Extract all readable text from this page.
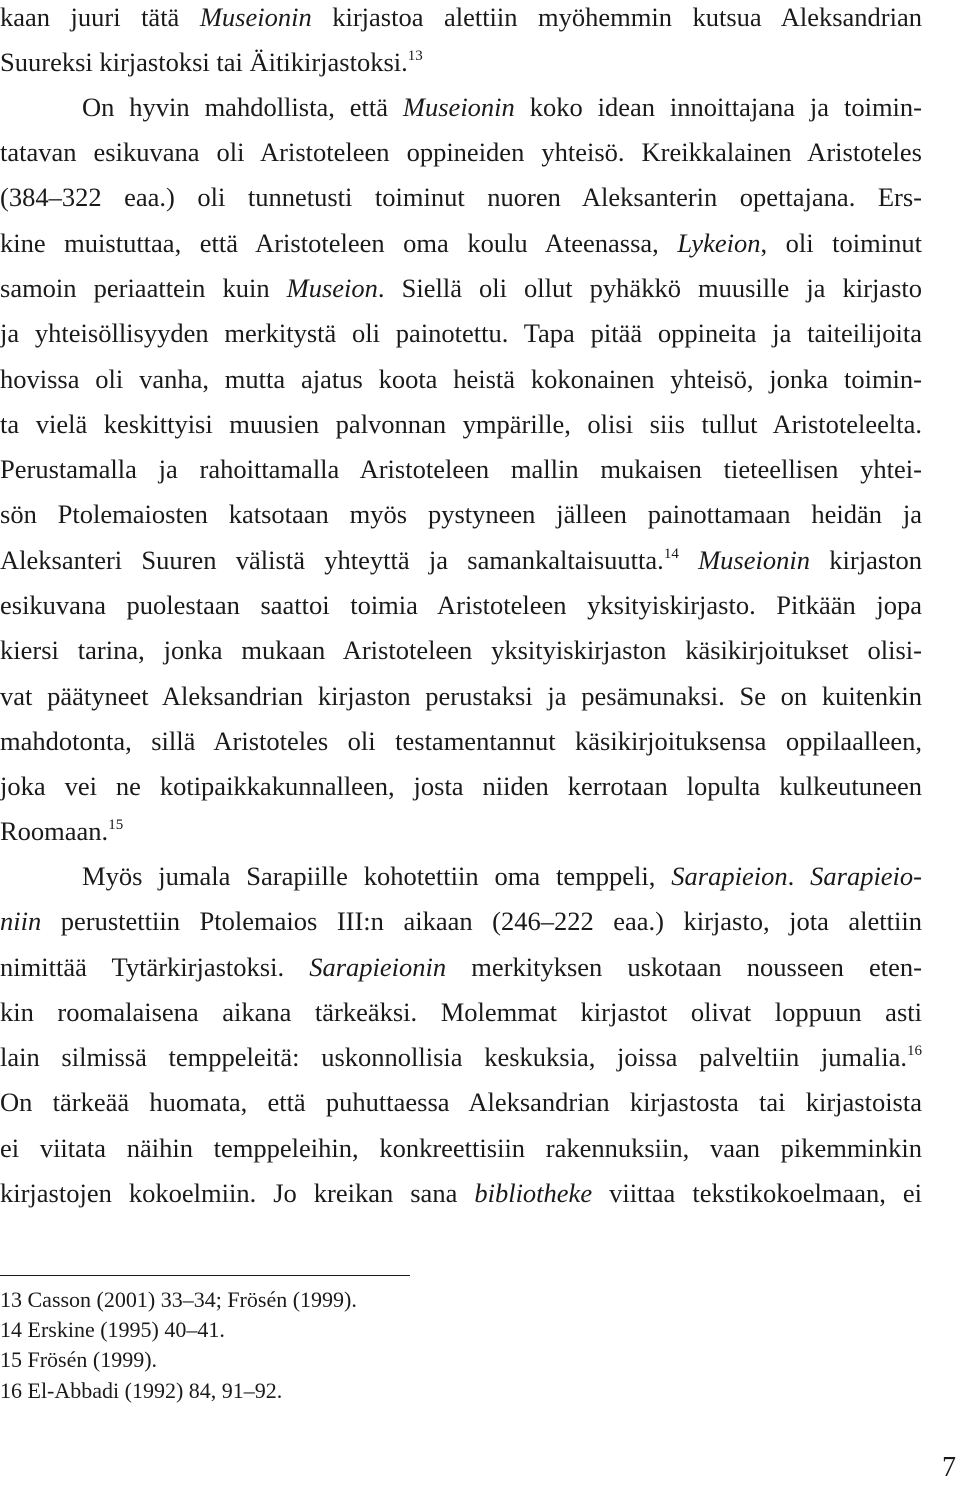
kaan juuri tätä Museionin kirjastoa alettiin myöhemmin kutsua Aleksandrian

Suureksi kirjastoksi tai Äitikirjastoksi.$^{13}$

On hyvin mahdollista, että Museionin koko idean innoittajana ja toimin-

tatavan esikuvana oli Aristoteleen oppineiden yhteisö. Kreikkalainen Aristoteles

(384–322 eaa.) oli tunnetusti toiminut nuoren Aleksanterin opettajana. Ers-

kine muistuttaa, että Aristoteleen oma koulu Ateenassa, Lykeion, oli toiminut

samoin periaattein kuin Museion. Siellä oli ollut pyhäkkö muusille ja kirjasto

ja yhteisöllisyyden merkitystä oli painotettu. Tapa pitää oppineita ja taiteilijoita

hovissa oli vanha, mutta ajatus koota heistä kokonainen yhteisö, jonka toimin-

ta vielä keskittyisi muusien palvonnan ympärille, olisi siis tullut Aristoteleelta.

Perustamalla ja rahoittamalla Aristoteleen mallin mukaisen tieteellisen yhtei-

sön Ptolemaiosten katsotaan myös pystyneen jälleen painottamaan heidän ja

Aleksanteri Suuren välistä yhteyttä ja samankaltaisuutta.$^{14}$ Museionin kirjaston

esikuvana puolestaan saattoi toimia Aristoteleen yksityiskirjasto. Pitkään jopa

kiersi tarina, jonka mukaan Aristoteleen yksityiskirjaston käsikirjoitukset olisi-

vat päätyneet Aleksandrian kirjaston perustaksi ja pesämunaksi. Se on kuitenkin

mahdotonta, sillä Aristoteles oli testamentannut käsikirjoituksensa oppilaalleen,

joka vei ne kotipaikkakunnalleen, josta niiden kerrotaan lopulta kulkeutuneen

Roomaan.$^{15}$

Myös jumala Sarapiille kohotettiin oma temppeli, Sarapieion. Sarapieio-

niin perustettiin Ptolemaios III:n aikaan (246–222 eaa.) kirjasto, jota alettiin

nimittää Tytärkirjastoksi. Sarapieionin merkityksen uskotaan nousseen eten-

kin roomalaisena aikana tärkeäksi. Molemmat kirjastot olivat loppuun asti

lain silmissä temppeleitä: uskonnollisia keskuksia, joissa palveltiin jumalia.$^{16}$

On tärkeää huomata, että puhuttaessa Aleksandrian kirjastosta tai kirjastoista

ei viitata näihin temppeleihin, konkreettisiin rakennuksiin, vaan pikemminkin

kirjastojen kokoelmiin. Jo kreikan sana bibliotheke viittaa tekstikokoelmaan, ei

13 Casson (2001) 33–34; Frösén (1999).

14 Erskine (1995) 40–41.

15 Frösén (1999).

16 El-Abbadi (1992) 84, 91–92.

7
